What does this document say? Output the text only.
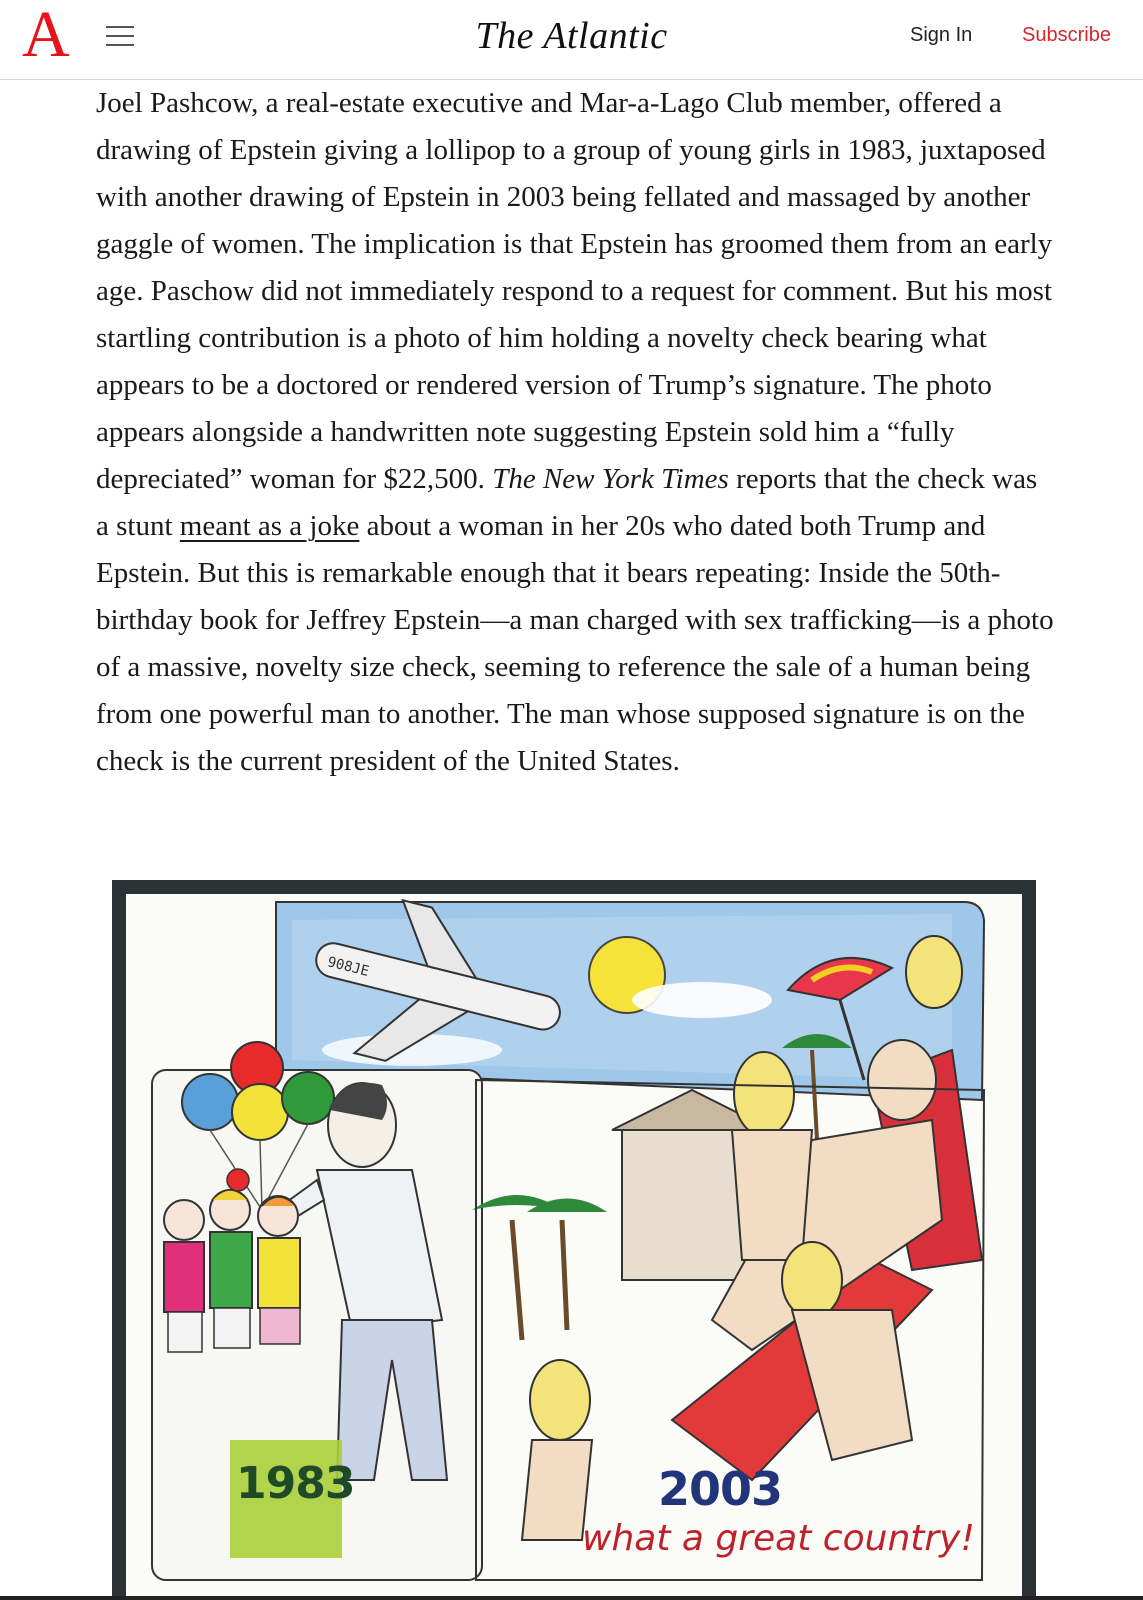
A	The Atlantic	Sign In Subscribe

Joel Pashcow, a real-estate executive and Mar-a-Lago Club member, offered a drawing of Epstein giving a lollipop to a group of young girls in 1983, juxtaposed with another drawing of Epstein in 2003 being fellated and massaged by another gaggle of women. The implication is that Epstein has groomed them from an early age. Paschow did not immediately respond to a request for comment. But his most startling contribution is a photo of him holding a novelty check bearing what appears to be a doctored or rendered version of Trump’s signature. The photo appears alongside a handwritten note suggesting Epstein sold him a “fully depreciated” woman for $22,500. The New York Times reports that the check was a stunt meant as a joke about a woman in her 20s who dated both Trump and Epstein. But this is remarkable enough that it bears repeating: Inside the 50th-birthday book for Jeffrey Epstein—a man charged with sex trafficking—is a photo of a massive, novelty size check, seeming to reference the sale of a human being from one powerful man to another. The man whose supposed signature is on the check is the current president of the United States.

908JE
1983	2003
what a great country!
